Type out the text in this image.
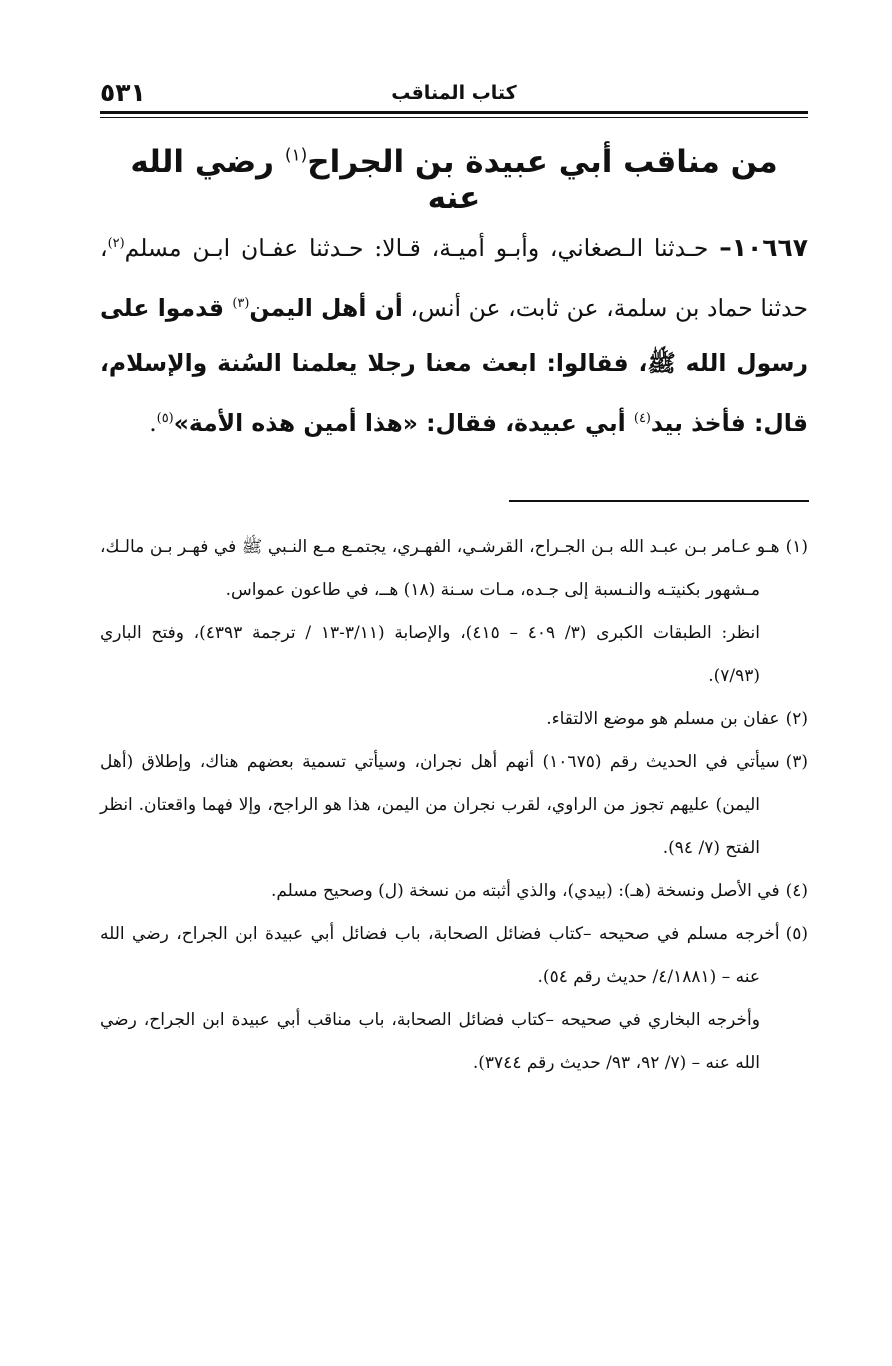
كتاب المناقب
٥٣١
من مناقب أبي عبيدة بن الجراح$^{(١)}$ رضي الله عنه
١٠٦٦٧– حـدثنا الـصغاني، وأبـو أميـة، قـالا: حـدثنا عفـان ابـن مسلم$^{(٢)}$، حدثنا حماد بن سلمة، عن ثابت، عن أنس، أن أهل اليمن$^{(٣)}$ قدموا على رسول الله ﷺ، فقالوا: ابعث معنا رجلا يعلمنا السُنة والإسلام، قال: فأخذ بيد$^{(٤)}$ أبي عبيدة، فقال: «هذا أمين هذه الأمة»$^{(٥)}$.
(١)هـو عـامر بـن عبـد الله بـن الجـراح، القرشـي، الفهـري، يجتمـع مـع النـبي ﷺ في فهـر بـن مالـك، مـشهور بكنيتـه والنـسبة إلى جـده، مـات سـنة (١٨) هــ، في طاعون عمواس.
انظر: الطبقات الكبرى (٣/ ٤٠٩ – ٤١٥)، والإصابة (٣/١١-١٣ / ترجمة ٤٣٩٣)، وفتح الباري (٧/٩٣).
(٢)عفان بن مسلم هو موضع الالتقاء.
(٣)سيأتي في الحديث رقم (١٠٦٧٥) أنهم أهل نجران، وسيأتي تسمية بعضهم هناك، وإطلاق (أهل اليمن) عليهم تجوز من الراوي، لقرب نجران من اليمن، هذا هو الراجح، وإلا فهما واقعتان. انظر الفتح (٧/ ٩٤).
(٤)في الأصل ونسخة (هـ): (بيدي)، والذي أثبته من نسخة (ل) وصحيح مسلم.
(٥)أخرجه مسلم في صحيحه –كتاب فضائل الصحابة، باب فضائل أبي عبيدة ابن الجراح، رضي الله عنه – (٤/١٨٨١/ حديث رقم ٥٤).
وأخرجه البخاري في صحيحه –كتاب فضائل الصحابة، باب مناقب أبي عبيدة ابن الجراح، رضي الله عنه – (٧/ ٩٢، ٩٣/ حديث رقم ٣٧٤٤).
